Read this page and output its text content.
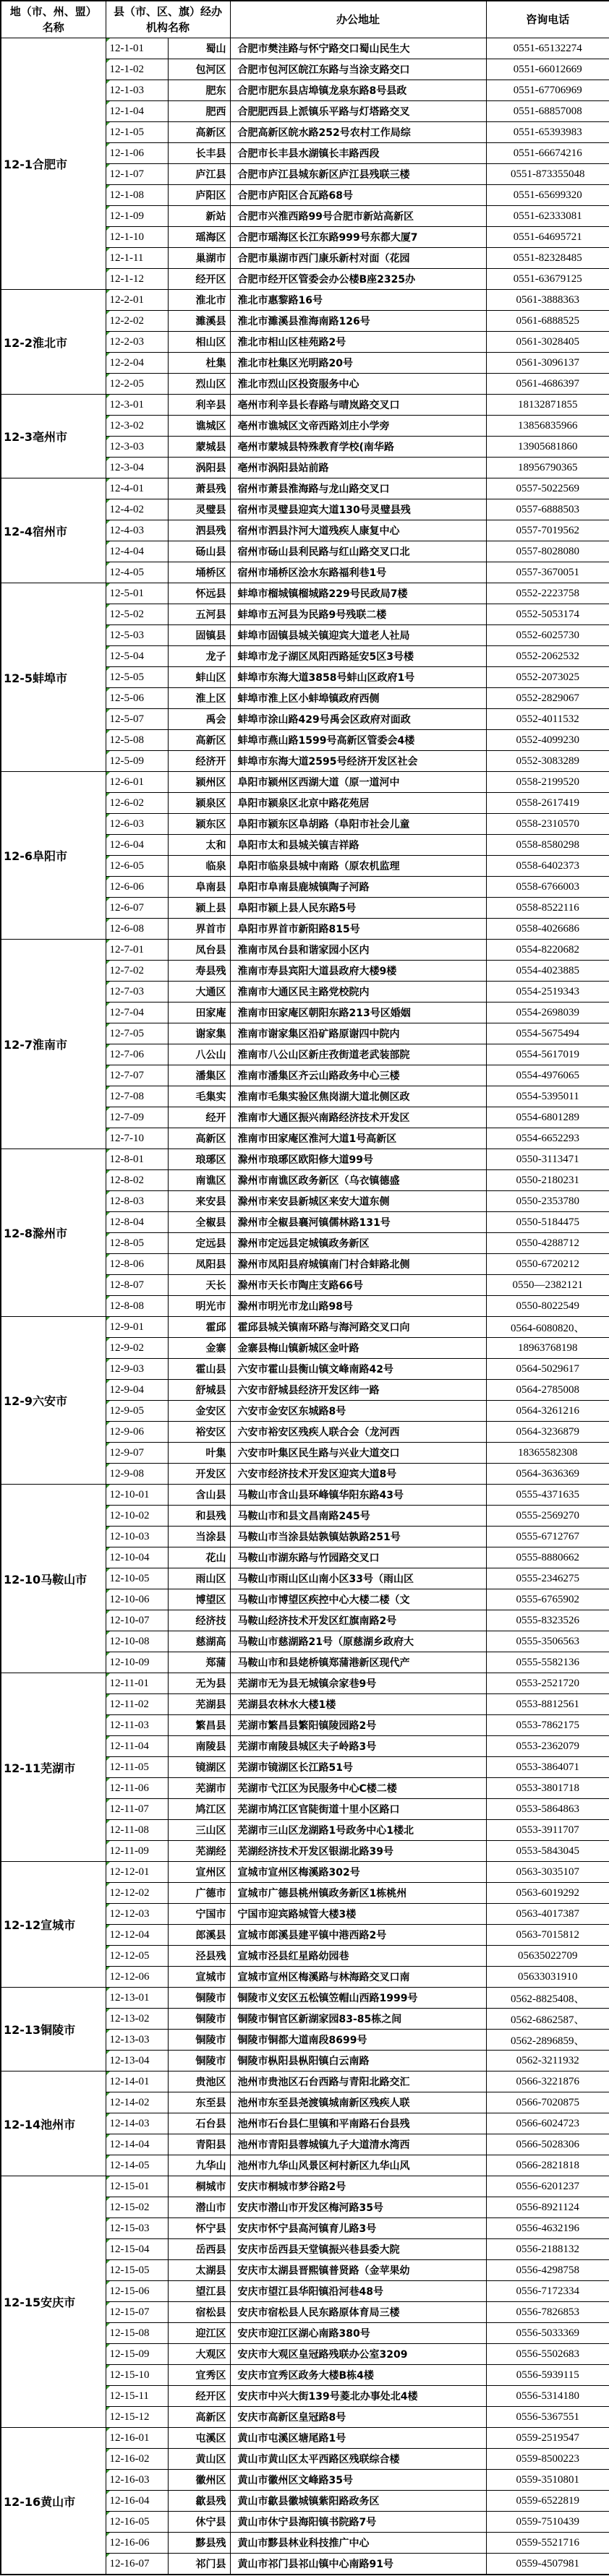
地（市、州、盟）名称	县（市、区、旗）经办机构名称		办公地址	咨询电话
12-1合肥市	12-1-01	蜀山	合肥市樊洼路与怀宁路交口蜀山民生大	0551-65132274
	12-1-02	包河区	合肥市包河区皖江东路与当涂支路交口	0551-66012669
	12-1-03	肥东	合肥市肥东县店埠镇龙泉东路8号县政	0551-67706969
	12-1-04	肥西	合肥肥西县上派镇乐平路与灯塔路交叉	0551-68857008
	12-1-05	高新区	合肥高新区皖水路252号农村工作局综	0551-65393983
	12-1-06	长丰县	合肥市长丰县水湖镇长丰路西段	0551-66674216
	12-1-07	庐江县	合肥市庐江县城东新区庐江县残联三楼	0551-873355048
	12-1-08	庐阳区	合肥市庐阳区合瓦路68号	0551-65699320
	12-1-09	新站	合肥市兴淮西路99号合肥市新站高新区	0551-62333081
	12-1-10	瑶海区	合肥市瑶海区长江东路999号东都大厦7	0551-64695721
	12-1-11	巢湖市	合肥市巢湖市西门康乐新村对面（花园	0551-82328485
	12-1-12	经开区	合肥市经开区管委会办公楼B座2325办	0551-63679125
12-2淮北市	12-2-01	淮北市	淮北市惠黎路16号	0561-3888363
	12-2-02	濉溪县	淮北市濉溪县淮海南路126号	0561-6888525
	12-2-03	相山区	淮北市相山区桂苑路2号	0561-3028405
	12-2-04	杜集	淮北市杜集区光明路20号	0561-3096137
	12-2-05	烈山区	淮北市烈山区投资服务中心	0561-4686397
12-3亳州市	12-3-01	利辛县	亳州市利辛县长春路与晴岚路交叉口	18132871855
	12-3-02	谯城区	亳州市谯城区文帝西路刘庄小学旁	13856835966
	12-3-03	蒙城县	亳州市蒙城县特殊教育学校(南华路	13905681860
	12-3-04	涡阳县	亳州市涡阳县站前路	18956790365
12-4宿州市	12-4-01	萧县残	宿州市萧县淮海路与龙山路交叉口	0557-5022569
	12-4-02	灵璧县	宿州市灵璧县迎宾大道130号灵璧县残	0557-6888503
	12-4-03	泗县残	宿州市泗县汴河大道残疾人康复中心	0557-7019562
	12-4-04	砀山县	宿州市砀山县利民路与红山路交叉口北	0557-8028080
	12-4-05	埇桥区	宿州市埇桥区浍水东路福利巷1号	0557-3670051
12-5蚌埠市	12-5-01	怀远县	蚌埠市榴城镇榴城路229号民政局7楼	0552-2223758
	12-5-02	五河县	蚌埠市五河县为民路9号残联二楼	0552-5053174
	12-5-03	固镇县	蚌埠市固镇县城关镇迎宾大道老人社局	0552-6025730
	12-5-04	龙子	蚌埠市龙子湖区凤阳西路延安5区3号楼	0552-2062532
	12-5-05	蚌山区	蚌埠市东海大道3858号蚌山区政府1号	0552-2073025
	12-5-06	淮上区	蚌埠市淮上区小蚌埠镇政府西侧	0552-2829067
	12-5-07	禹会	蚌埠市涂山路429号禹会区政府对面政	0552-4011532
	12-5-08	高新区	蚌埠市燕山路1599号高新区管委会4楼	0552-4099230
	12-5-09	经济开	蚌埠市东海大道2595号经济开发区社会	0552-3083289
12-6阜阳市	12-6-01	颍州区	阜阳市颍州区西湖大道（原一道河中	0558-2199520
	12-6-02	颍泉区	阜阳市颍泉区北京中路花苑居	0558-2617419
	12-6-03	颍东区	阜阳市颍东区阜胡路（阜阳市社会儿童	0558-2310570
	12-6-04	太和	阜阳市太和县城关镇吉祥路	0558-8580298
	12-6-05	临泉	阜阳市临泉县城中南路（原农机监理	0558-6402373
	12-6-06	阜南县	阜阳市阜南县鹿城镇陶子河路	0558-6766003
	12-6-07	颍上县	阜阳市颍上县人民东路5号	0558-8522116
	12-6-08	界首市	阜阳市界首市新阳路815号	0558-4026686
12-7淮南市	12-7-01	凤台县	淮南市凤台县和谐家园小区内	0554-8220682
	12-7-02	寿县残	淮南市寿县宾阳大道县政府大楼9楼	0554-4023885
	12-7-03	大通区	淮南市大通区民主路党校院内	0554-2519343
	12-7-04	田家庵	淮南市田家庵区朝阳东路213号区婚姻	0554-2698039
	12-7-05	谢家集	淮南市谢家集区沿矿路原谢四中院内	0554-5675494
	12-7-06	八公山	淮南市八公山区新庄孜街道老武装部院	0554-5617019
	12-7-07	潘集区	淮南市潘集区齐云山路政务中心三楼	0554-4976065
	12-7-08	毛集实	淮南市毛集实验区焦岗湖大道北侧区政	0554-5395011
	12-7-09	经开	淮南市大通区振兴南路经济技术开发区	0554-6801289
	12-7-10	高新区	淮南市田家庵区淮河大道1号高新区	0554-6652293
12-8滁州市	12-8-01	琅琊区	滁州市琅琊区欧阳修大道99号	0550-3113471
	12-8-02	南谯区	滁州市南谯区政务新区（乌衣镇德盛	0550-2180231
	12-8-03	来安县	滁州市来安县新城区来安大道东侧	0550-2353780
	12-8-04	全椒县	滁州市全椒县襄河镇儒林路131号	0550-5184475
	12-8-05	定远县	滁州市定远县定城镇政务新区	0550-4288712
	12-8-06	凤阳县	滁州市凤阳县府城镇南门村合蚌路北侧	0550-6720212
	12-8-07	天长	滁州市天长市陶庄支路66号	0550—2382121
	12-8-08	明光市	滁州市明光市龙山路98号	0550-8022549
12-9六安市	12-9-01	霍邱	霍邱县城关镇南环路与海河路交叉口向	0564-6080820、
	12-9-02	金寨	金寨县梅山镇新城区金叶路	18963768198
	12-9-03	霍山县	六安市霍山县衡山镇文峰南路42号	0564-5029617
	12-9-04	舒城县	六安市舒城县经济开发区纬一路	0564-2785008
	12-9-05	金安区	六安市金安区东城路8号	0564-3261216
	12-9-06	裕安区	六安市裕安区残疾人联合会（龙河西	0564-3236879
	12-9-07	叶集	六安市叶集区民生路与兴业大道交口	18365582308
	12-9-08	开发区	六安市经济技术开发区迎宾大道8号	0564-3636369
12-10马鞍山市	12-10-01	含山县	马鞍山市含山县环峰镇华阳东路43号	0555-4371635
	12-10-02	和县残	马鞍山市和县文昌南路245号	0555-2569270
	12-10-03	当涂县	马鞍山市当涂县姑孰镇姑孰路251号	0555-6712767
	12-10-04	花山	马鞍山市湖东路与竹园路交叉口	0555-8880662
	12-10-05	雨山区	马鞍山市雨山区山南小区33号（雨山区	0555-2346275
	12-10-06	博望区	马鞍山市博望区疾控中心大楼二楼（文	0555-6765902
	12-10-07	经济技	马鞍山经济技术开发区红旗南路2号	0555-8323526
	12-10-08	慈湖高	马鞍山市慈湖路21号（原慈湖乡政府大	0555-3506563
	12-10-09	郑蒲	马鞍山市和县姥桥镇郑蒲港新区现代产	0555-5582136
12-11芜湖市	12-11-01	无为县	芜湖市无为县无城镇佘家巷9号	0553-2521720
	12-11-02	芜湖县	芜湖县农林水大楼1楼	0553-8812561
	12-11-03	繁昌县	芜湖市繁昌县繁阳镇陵园路2号	0553-7862175
	12-11-04	南陵县	芜湖市南陵县城区夫子岭路3号	0553-2362079
	12-11-05	镜湖区	芜湖市镜湖区长江路51号	0553-3864071
	12-11-06	芜湖市	芜湖市弋江区为民服务中心C楼二楼	0553-3801718
	12-11-07	鸠江区	芜湖市鸠江区官陡街道十里小区路口	0553-5864863
	12-11-08	三山区	芜湖市三山区龙湖路1号政务中心1楼北	0553-3911707
	12-11-09	芜湖经	芜湖经济技术开发区银湖北路39号	0553-5843045
12-12宣城市	12-12-01	宣州区	宣城市宣州区梅溪路302号	0563-3035107
	12-12-02	广德市	宣城市广德县桃州镇政务新区1栋桃州	0563-6019292
	12-12-03	宁国市	宁国市迎宾路城管大楼3楼	0563-4017387
	12-12-04	郎溪县	宣城市郎溪县建平镇中港西路2号	0563-7015812
	12-12-05	泾县残	宣城市泾县红星路幼园巷	05635022709
	12-12-06	宣城市	宣城市宣州区梅溪路与林海路交叉口南	05633031910
12-13铜陵市	12-13-01	铜陵市	铜陵市义安区五松镇笠帽山西路1999号	0562-8825408、
	12-13-02	铜陵市	铜陵市铜官区新湖家园83-85栋之间	0562-6862587、
	12-13-03	铜陵市	铜陵市铜都大道南段8699号	0562-2896859、
	12-13-04	铜陵市	铜陵市枞阳县枞阳镇白云南路	0562-3211932
12-14池州市	12-14-01	贵池区	池州市贵池区石台西路与青阳北路交汇	0566-3221876
	12-14-02	东至县	池州市东至县尧渡镇城南新区残疾人联	0566-7020875
	12-14-03	石台县	池州市石台县仁里镇和平南路石台县残	0566-6024723
	12-14-04	青阳县	池州市青阳县蓉城镇九子大道清水湾西	0566-5028306
	12-14-05	九华山	池州市九华山风景区柯村新区九华山风	0566-2821818
12-15安庆市	12-15-01	桐城市	安庆市桐城市梦谷路2号	0556-6201237
	12-15-02	潜山市	安庆市潜山市开发区梅河路35号	0556-8921124
	12-15-03	怀宁县	安庆市怀宁县高河镇育儿路3号	0556-4632196
	12-15-04	岳西县	安庆市岳西县天堂镇振兴巷县委大院	0556-2188132
	12-15-05	太湖县	安庆市太湖县晋熙镇普贤路（金苹果幼	0556-4298758
	12-15-06	望江县	安庆市望江县华阳镇沿河巷48号	0556-7172334
	12-15-07	宿松县	安庆市宿松县人民东路原体育局三楼	0556-7826853
	12-15-08	迎江区	安庆市迎江区湖心南路380号	0556-5033369
	12-15-09	大观区	安庆市大观区皇冠路残联办公室3209	0556-5502683
	12-15-10	宜秀区	安庆市宜秀区政务大楼B栋4楼	0556-5939115
	12-15-11	经开区	安庆市中兴大街139号菱北办事处北4楼	0556-5314180
	12-15-12	高新区	安庆市高新区皇冠路8号	0556-5367551
12-16黄山市	12-16-01	屯溪区	黄山市屯溪区塘尾路1号	0559-2519547
	12-16-02	黄山区	黄山市黄山区太平西路区残联综合楼	0559-8500223
	12-16-03	徽州区	黄山市徽州区文峰路35号	0559-3510801
	12-16-04	歙县残	黄山市歙县徽城镇紫阳路政务区	0559-6522819
	12-16-05	休宁县	黄山市休宁县海阳镇书院路7号	0559-7510439
	12-16-06	黟县残	黄山市黟县林业科技推广中心	0559-5521716
	12-16-07	祁门县	黄山市祁门县祁山镇中心南路91号	0559-4507981
